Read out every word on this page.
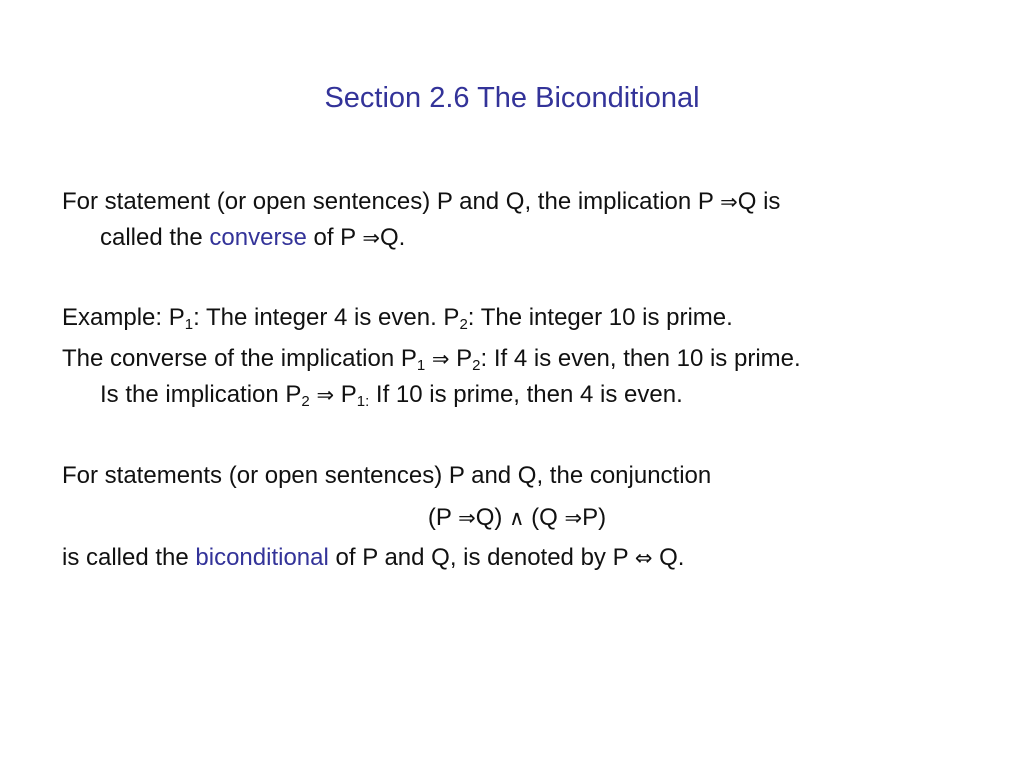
Section 2.6 The Biconditional
For statement (or open sentences) P and Q, the implication P ⇒Q is
called the converse of P ⇒Q.
Example: $P_1$: The integer 4 is even. $P_2$: The integer 10 is prime.
The converse of the implication $P_1$ ⇒ $P_2$: If 4 is even, then 10 is prime.
Is the implication $P_2$ ⇒ $P_{1:}$ If 10 is prime, then 4 is even.
For statements (or open sentences) P and Q, the conjunction
(P ⇒Q) ∧ (Q ⇒P)
is called the biconditional of P and Q, is denoted by P ⇔ Q.
